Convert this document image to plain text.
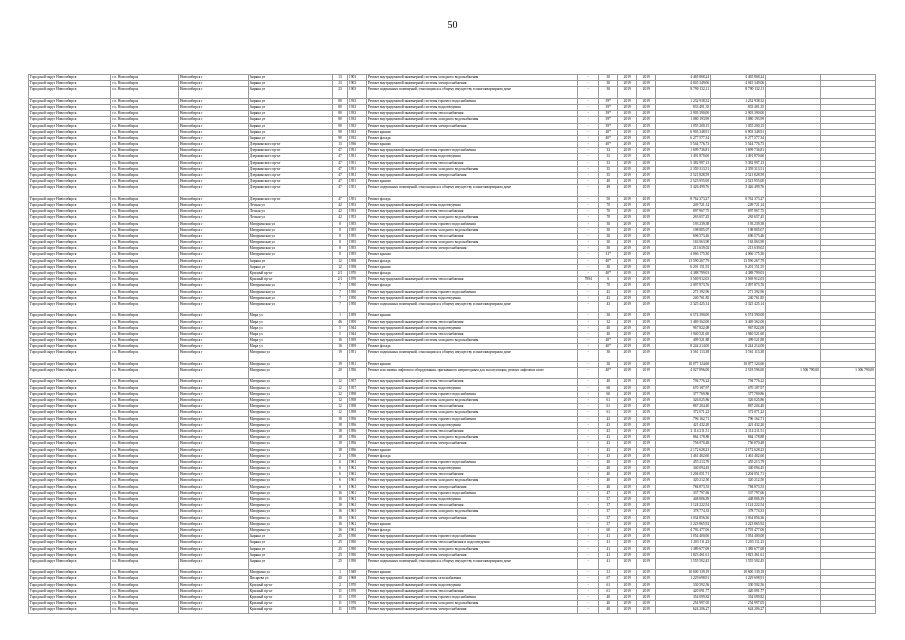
50
Городской округ Новосибирск	г.о. Новосибирск	Новосибирск г	Зыряна ул	13	1903	Ремонт внутридомовой инженерной системы холодного водоснабжения	-	30	2019	2019	4 465 868,24	4 465 868,24		
Городской округ Новосибирск	г.о. Новосибирск	Новосибирск г	Зыряна ул	23	1903	Ремонт внутридомовой инженерной системы электроснабжения	-	30	2019	2019	4 045 349,06	4 045 349,06		
Городской округ Новосибирск	г.о. Новосибирск	Новосибирск г	Зыряна ул	23	1903	Ремонт подвальных помещений, относящихся к общему имуществу в многоквартирном доме	-	30	2019	2019	8 790 132,11	8 790 132,11		
Городской округ Новосибирск	г.о. Новосибирск	Новосибирск г	Зыряна ул	80	1933	Ремонт внутридомовой инженерной системы горячего водоснабжения	-	39*	2019	2019	1 232 938,32	1 232 938,32		
Городской округ Новосибирск	г.о. Новосибирск	Новосибирск г	Зыряна ул	80	1933	Ремонт внутридомовой инженерной системы водоотведения	-	39*	2019	2019	833 401,35	833 401,35		
Городской округ Новосибирск	г.о. Новосибирск	Новосибирск г	Зыряна ул	80	1933	Ремонт внутридомовой инженерной системы теплоснабжения	-	39*	2019	2019	2 903 390,00	2 903 390,00		
Городской округ Новосибирск	г.о. Новосибирск	Новосибирск г	Зыряна ул	80	1933	Ремонт внутридомовой инженерной системы холодного водоснабжения	-	39*	2019	2019	1 080 193,99	1 080 193,99		
Городской округ Новосибирск	г.о. Новосибирск	Новосибирск г	Зыряна ул	90	1933	Ремонт внутридомовой инженерной системы электроснабжения	-	39*	2019	2019	1 055 200,15	1 055 200,15		
Городской округ Новосибирск	г.о. Новосибирск	Новосибирск г	Зыряна ул	90	1933	Ремонт крыши	-	40*	2019	2019	6 903 348,91	6 903 348,91		
Городской округ Новосибирск	г.о. Новосибирск	Новосибирск г	Зыряна ул	90	1933	Ремонт фасада	-	40*	2019	2019	6 277 577,34	6 277 577,34		
Городской округ Новосибирск	г.о. Новосибирск	Новосибирск г	Дзержинского пр-кт	13	1936	Ремонт крыши	-	40*	2019	2019	5 544 776,73	5 544 776,73		
Городской округ Новосибирск	г.о. Новосибирск	Новосибирск г	Дзержинского пр-кт	47	1951	Ремонт внутридомовой инженерной системы горячего водоснабжения	-	33	2019	2019	1 699 736,81	1 699 736,81		
Городской округ Новосибирск	г.о. Новосибирск	Новосибирск г	Дзержинского пр-кт	47	1951	Ремонт внутридомовой инженерной системы водоотведения	-	33	2019	2019	1 491 870,60	1 491 870,60		
Городской округ Новосибирск	г.о. Новосибирск	Новосибирск г	Дзержинского пр-кт	47	1951	Ремонт внутридомовой инженерной системы теплоснабжения	-	33	2019	2019	5 382 997,13	5 382 997,13		
Городской округ Новосибирск	г.о. Новосибирск	Новосибирск г	Дзержинского пр-кт	47	1951	Ремонт внутридомовой инженерной системы холодного водоснабжения	-	35	2019	2019	2 359 313,51	2 359 313,51		
Городской округ Новосибирск	г.о. Новосибирск	Новосибирск г	Дзержинского пр-кт	47	1951	Ремонт внутридомовой инженерной системы электроснабжения	-	35	2019	2019	2 521 828,59	2 521 828,59		
Городской округ Новосибирск	г.о. Новосибирск	Новосибирск г	Дзержинского пр-кт	47	1951	Ремонт крыши	-	40	2019	2019	2 523 955,00	2 523 955,00		
Городской округ Новосибирск	г.о. Новосибирск	Новосибирск г	Дзержинского пр-кт	47	1951	Ремонт подвальных помещений, относящихся к общему имуществу в многоквартирном доме	-	49	2019	2019	3 426 499,76	3 426 499,76		
Городской округ Новосибирск	г.о. Новосибирск	Новосибирск г	Дзержинского пр-кт	47	1951	Ремонт фасада	-	50	2019	2019	8 762 373,27	8 762 373,27		
Городской округ Новосибирск	г.о. Новосибирск	Новосибирск г	Лесная ул	42	1953	Ремонт внутридомовой инженерной системы водоотведения	-	70	2019	2019	249 721,14	249 721,14		
Городской округ Новосибирск	г.о. Новосибирск	Новосибирск г	Лесная ул	42	1953	Ремонт внутридомовой инженерной системы теплоснабжения	-	70	2019	2019	897 967,75	897 967,75		
Городской округ Новосибирск	г.о. Новосибирск	Новосибирск г	Лесная ул	42	1953	Ремонт внутридомовой инженерной системы холодного водоснабжения	-	70	2019	2019	263 657,45	263 657,45		
Городской округ Новосибирск	г.о. Новосибирск	Новосибирск г	Мичуринская ул	8	1955	Ремонт внутридомовой инженерной системы горячего водоснабжения	-	30	2019	2019	193 239,38	193 239,38		
Городской округ Новосибирск	г.о. Новосибирск	Новосибирск г	Мичуринская ул	8	1955	Ремонт внутридомовой инженерной системы холодного водоснабжения	-	30	2019	2019	198 805,07	198 805,07		
Городской округ Новосибирск	г.о. Новосибирск	Новосибирск г	Мичуринская ул	8	1955	Ремонт внутридомовой инженерной системы теплоснабжения	-	30	2019	2019	696 573,46	696 573,46		
Городской округ Новосибирск	г.о. Новосибирск	Новосибирск г	Мичуринская ул	8	1955	Ремонт внутридомовой инженерной системы холодного водоснабжения	-	30	2019	2019	163 063,90	163 063,90		
Городской округ Новосибирск	г.о. Новосибирск	Новосибирск г	Мичуринская ул	8	1955	Ремонт внутридомовой инженерной системы электроснабжения	-	30	2019	2019	213 639,02	213 639,02		
Городской округ Новосибирск	г.о. Новосибирск	Новосибирск г	Мичуринская ул	8	1955	Ремонт крыши	-	31*	2019	2019	4 066 175,30	4 066 175,30		
Городской округ Новосибирск	г.о. Новосибирск	Новосибирск г	Зыряна ул	12	1958	Ремонт фасада	-	40*	2019	2019	13 590 267,79	13 590 267,79		
Городской округ Новосибирск	г.о. Новосибирск	Новосибирск г	Зыряна ул	12	1958	Ремонт крыши	-	30	2019	2019	6 201 151,55	6 201 151,55		
Городской округ Новосибирск	г.о. Новосибирск	Новосибирск г	Красный пр-кт	2/1	1970	Ремонт фасада	-	40*	2019	2019	4 388 799,03	4 388 799,03		
Городской округ Новосибирск	г.о. Новосибирск	Новосибирск г	Красный пр-кт	2/1	1970	Ремонт внутридомовой инженерной системы теплоснабжения	7894	6	2019	2019	3 569 912,03	3 569 912,03		
Городской округ Новосибирск	г.о. Новосибирск	Новосибирск г	Мичуринская ул	7	1950	Ремонт фасада	-	70	2019	2019	2 097 873,76	2 097 873,76		
Городской округ Новосибирск	г.о. Новосибирск	Новосибирск г	Мичуринская ул	7	1950	Ремонт внутридомовой инженерной системы горячего водоснабжения	-	43	2019	2019	271 392,96	271 392,96		
Городской округ Новосибирск	г.о. Новосибирск	Новосибирск г	Мичуринская ул	7	1950	Ремонт внутридомовой инженерной системы водоотведения	-	43	2019	2019	240 761,85	240 761,85		
Городской округ Новосибирск	г.о. Новосибирск	Новосибирск г	Мичуринская ул	7	1950	Ремонт подвальных помещений, относящихся к общему имуществу в многоквартирном доме	-	43	2019	2019	2 325 425,14	2 325 425,14		
Городской округ Новосибирск	г.о. Новосибирск	Новосибирск г	Мира ул	1	1959	Ремонт крыши	-	30	2019	2019	6 574 390,00	6 574 390,00		
Городской округ Новосибирск	г.о. Новосибирск	Новосибирск г	Мира ул	46	1959	Ремонт внутридомовой инженерной системы теплоснабжения	-	32	2019	2019	3 469 362,00	3 469 362,00		
Городской округ Новосибирск	г.о. Новосибирск	Новосибирск г	Мира ул	5	1944	Ремонт внутридомовой инженерной системы водоотведения	-	40	2019	2019	967 822,08	967 822,08		
Городской округ Новосибирск	г.о. Новосибирск	Новосибирск г	Мира ул	5	1944	Ремонт внутридомовой инженерной системы теплоснабжения	-	40	2019	2019	1 940 521,60	1 940 521,60		
Городской округ Новосибирск	г.о. Новосибирск	Новосибирск г	Мира ул	16	1959	Ремонт внутридомовой инженерной системы холодного водоснабжения	-	40*	2019	2019	499 521,88	499 521,88		
Городской округ Новосибирск	г.о. Новосибирск	Новосибирск г	Мира ул	16	1959	Ремонт фасада	-	40*	2019	2019	8 244 214,00	8 244 214,00		
Городской округ Новосибирск	г.о. Новосибирск	Новосибирск г	Мичурина ул	19	1951	Ремонт подвальных помещений, относящихся к общему имуществу в многоквартирном доме	-	30	2019	2019	3 561 113,38	3 561 113,38		
Городской округ Новосибирск	г.о. Новосибирск	Новосибирск г	Мичурина ул	19	1951	Ремонт крыши	-	30	2019	2019	10 077 124,60	10 077 124,60		
Городской округ Новосибирск	г.о. Новосибирск	Новосибирск г	Мичурина ул	20	1956	Ремонт или замена лифтового оборудования, признанного непригодным для эксплуатации, ремонт лифтовых шахт	-	40*	2019	2019	4 027 896,00	2 518 596,00	1 306 790,00	1 306 790,00
Городской округ Новосибирск	г.о. Новосибирск	Новосибирск г	Мичурина ул	12	1957	Ремонт внутридомовой инженерной системы теплоснабжения	-	40	2019	2019	794 776,22	794 776,22		
Городской округ Новосибирск	г.о. Новосибирск	Новосибирск г	Мичурина ул	12	1957	Ремонт внутридомовой инженерной системы водоотведения	-	60	2019	2019	670 187,97	670 187,97		
Городской округ Новосибирск	г.о. Новосибирск	Новосибирск г	Мичурина ул	12	1958	Ремонт внутридомовой инженерной системы горячего водоснабжения	-	60	2019	2019	377 769,86	377 769,86		
Городской округ Новосибирск	г.о. Новосибирск	Новосибирск г	Мичурина ул	12	1958	Ремонт внутридомовой инженерной системы холодного водоснабжения	-	61	2019	2019	326 025,86	326 025,86		
Городской округ Новосибирск	г.о. Новосибирск	Новосибирск г	Мичурина ул	12	1958	Ремонт внутридомовой инженерной системы теплоснабжения	-	61	2019	2019	867 204,40	867 204,40		
Городской округ Новосибирск	г.о. Новосибирск	Новосибирск г	Мичурина ул	12	1958	Ремонт внутридомовой инженерной системы холодного водоснабжения	-	61	2019	2019	372 071,22	372 071,22		
Городской округ Новосибирск	г.о. Новосибирск	Новосибирск г	Мичурина ул	18	1956	Ремонт внутридомовой инженерной системы горячего водоснабжения	-	43	2019	2019	796 162,71	796 162,71		
Городской округ Новосибирск	г.о. Новосибирск	Новосибирск г	Мичурина ул	18	1956	Ремонт внутридомовой инженерной системы водоотведения	-	43	2019	2019	421 432,20	421 432,20		
Городской округ Новосибирск	г.о. Новосибирск	Новосибирск г	Мичурина ул	18	1956	Ремонт внутридомовой инженерной системы теплоснабжения	-	43	2019	2019	2 114 211,51	2 114 211,51		
Городской округ Новосибирск	г.о. Новосибирск	Новосибирск г	Мичурина ул	18	1956	Ремонт внутридомовой инженерной системы холодного водоснабжения	-	43	2019	2019	864 178,88	864 178,88		
Городской округ Новосибирск	г.о. Новосибирск	Новосибирск г	Мичурина ул	18	1956	Ремонт внутридомовой инженерной системы электроснабжения	-	43	2019	2019	756 070,48	756 070,48		
Городской округ Новосибирск	г.о. Новосибирск	Новосибирск г	Мичурина ул	18	1956	Ремонт крыши	-	43	2019	2019	2 172 628,23	2 172 628,23		
Городской округ Новосибирск	г.о. Новосибирск	Новосибирск г	Мичурина ул	2	1956	Ремонт фасада	-	43	2019	2019	1 461 402,60	1 461 402,60		
Городской округ Новосибирск	г.о. Новосибирск	Новосибирск г	Мичурина ул	6	1961	Ремонт внутридомовой инженерной системы горячего водоснабжения	-	40	2019	2019	455 213,79	455 213,79		
Городской округ Новосибирск	г.о. Новосибирск	Новосибирск г	Мичурина ул	6	1961	Ремонт внутридомовой инженерной системы водоотведения	-	40	2019	2019	340 094,45	340 094,45		
Городской округ Новосибирск	г.о. Новосибирск	Новосибирск г	Мичурина ул	6	1961	Ремонт внутридомовой инженерной системы теплоснабжения	-	40	2019	2019	1 204 051,71	1 204 051,71		
Городской округ Новосибирск	г.о. Новосибирск	Новосибирск г	Мичурина ул	6	1961	Ремонт внутридомовой инженерной системы холодного водоснабжения	-	40	2019	2019	320 212,50	320 212,50		
Городской округ Новосибирск	г.о. Новосибирск	Новосибирск г	Мичурина ул	6	1961	Ремонт внутридомовой инженерной системы электроснабжения	-	40	2019	2019	784 873,53	784 873,53		
Городской округ Новосибирск	г.о. Новосибирск	Новосибирск г	Мичурина ул	16	1961	Ремонт внутридомовой инженерной системы горячего водоснабжения	-	47	2019	2019	337 797,66	337 797,66		
Городской округ Новосибирск	г.о. Новосибирск	Новосибирск г	Мичурина ул	16	1961	Ремонт внутридомовой инженерной системы водоотведения	-	37	2019	2019	448 806,39	448 806,39		
Городской округ Новосибирск	г.о. Новосибирск	Новосибирск г	Мичурина ул	16	1961	Ремонт внутридомовой инженерной системы теплоснабжения	-	37	2019	2019	1 124 222,54	1 124 222,54		
Городской округ Новосибирск	г.о. Новосибирск	Новосибирск г	Мичурина ул	16	1961	Ремонт внутридомовой инженерной системы холодного водоснабжения	-	37	2019	2019	378 774,33	378 774,33		
Городской округ Новосибирск	г.о. Новосибирск	Новосибирск г	Мичурина ул	16	1961	Ремонт внутридомовой инженерной системы электроснабжения	-	37	2019	2019	1 034 856,36	1 034 856,36		
Городской округ Новосибирск	г.о. Новосибирск	Новосибирск г	Мичурина ул	16	1961	Ремонт крыши	-	37	2019	2019	3 223 865,92	3 223 865,92		
Городской округ Новосибирск	г.о. Новосибирск	Новосибирск г	Мичурина ул	16	1961	Ремонт фасада	-	60	2019	2019	4 793 477,06	4 793 477,06		
Городской округ Новосибирск	г.о. Новосибирск	Новосибирск г	Зыряна ул	25	1950	Ремонт внутридомовой инженерной системы горячего водоснабжения	-	41	2019	2019	1 054 400,00	1 054 400,00		
Городской округ Новосибирск	г.о. Новосибирск	Новосибирск г	Зыряна ул	25	1950	Ремонт внутридомовой инженерной системы теплоснабжения и водоотведения	-	41	2019	2019	1 203 111,23	1 203 111,23		
Городской округ Новосибирск	г.о. Новосибирск	Новосибирск г	Зыряна ул	25	1950	Ремонт внутридомовой инженерной системы холодного водоснабжения	-	41	2019	2019	1 389 677,08	1 389 677,08		
Городской округ Новосибирск	г.о. Новосибирск	Новосибирск г	Зыряна ул	25	1950	Ремонт внутридомовой инженерной системы электроснабжения	-	41	2019	2019	1 823 461,61	1 823 461,61		
Городской округ Новосибирск	г.о. Новосибирск	Новосибирск г	Зыряна ул	25	1950	Ремонт подвальных помещений, относящихся к общему имуществу в многоквартирном доме	-	41	2019	2019	1 555 502,45	1 555 502,45		
Городской округ Новосибирск	г.о. Новосибирск	Новосибирск г	Мичурина ул	1	1949	Ремонт крыши	-	31	2019	2019	10 600 139,19	10 600 139,19		
Городской округ Новосибирск	г.о. Новосибирск	Новосибирск г	Писарева ул	40	1968	Ремонт внутридомовой инженерной системы газоснабжения	-	67	2019	2019	1 229 698,91	1 229 698,91		
Городской округ Новосибирск	г.о. Новосибирск	Новосибирск г	Красный пр-кт	2	1970	Ремонт внутридомовой инженерной системы водоотведения	-	61	2019	2019	330 592,56	330 592,56		
Городской округ Новосибирск	г.о. Новосибирск	Новосибирск г	Красный пр-кт	11	1970	Ремонт внутридомовой инженерной системы теплоснабжения	-	61	2019	2019	420 091,77	420 091,77		
Городской округ Новосибирск	г.о. Новосибирск	Новосибирск г	Красный пр-кт	11	1970	Ремонт внутридомовой инженерной системы горячего водоснабжения	-	40	2019	2019	354 099,82	354 099,82		
Городской округ Новосибирск	г.о. Новосибирск	Новосибирск г	Красный пр-кт	11	1970	Ремонт внутридомовой инженерной системы холодного водоснабжения	-	40	2019	2019	254 997,05	254 997,05		
Городской округ Новосибирск	г.о. Новосибирск	Новосибирск г	Красный пр-кт	11	1970	Ремонт внутридомовой инженерной системы электроснабжения	-	40	2019	2019	624 206,27	624 206,27		
